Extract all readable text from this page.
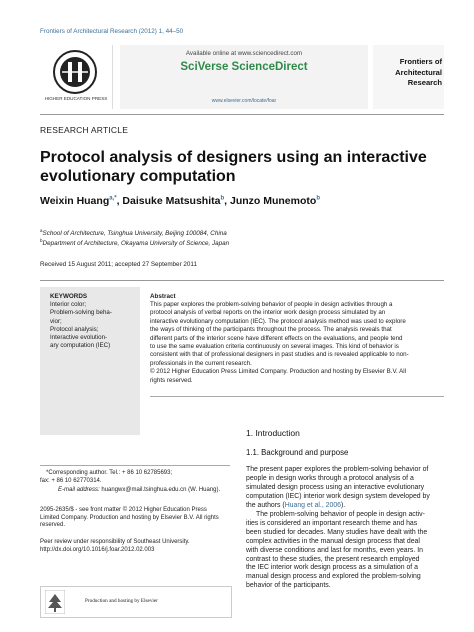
Frontiers of Architectural Research (2012) 1, 44–50
HIGHER EDUCATION PRESS
Available online at www.sciencedirect.com
SciVerse ScienceDirect
www.elsevier.com/locate/foar
Frontiers of
Architectural
Research
RESEARCH ARTICLE
Protocol analysis of designers using an interactive
evolutionary computation
Weixin Huang$^{a,*}$, Daisuke Matsushita$^b$, Junzo Munemoto$^b$
$^a$School of Architecture, Tsinghua University, Beijing 100084, China
$^b$Department of Architecture, Okayama University of Science, Japan
Received 15 August 2011; accepted 27 September 2011
KEYWORDS
Interior color;
Problem-solving beha-
vior;
Protocol analysis;
Interactive evolution-
ary computation (IEC)
Abstract
This paper explores the problem-solving behavior of people in design activities through a
protocol analysis of verbal reports on the interior work design process simulated by an
interactive evolutionary computation (IEC). The protocol analysis method was used to explore
the ways of thinking of the participants throughout the process. The analysis reveals that
different parts of the interior scene have different effects on the evaluations, and people tend
to use the same evaluation criteria continuously on several images. This kind of behavior is
consistent with that of professional designers in past studies and is revealed applicable to non-
professionals in the current research.
© 2012 Higher Education Press Limited Company. Production and hosting by Elsevier B.V. All
rights reserved.
*Corresponding author. Tel.: + 86 10 62785693;
fax: + 86 10 62770314.
E-mail address: huangwx@mail.tsinghua.edu.cn (W. Huang).
2095-2635/$ - see front matter © 2012 Higher Education Press
Limited Company. Production and hosting by Elsevier B.V. All rights
reserved.
Peer review under responsibility of Southeast University.
http://dx.doi.org/10.1016/j.foar.2012.02.003
Production and hosting by Elsevier
1. Introduction
1.1. Background and purpose
The present paper explores the problem-solving behavior of
people in design works through a protocol analysis of a
simulated design process using an interactive evolutionary
computation (IEC) interior work design system developed by
the authors (Huang et al., 2006).
The problem-solving behavior of people in design activ-
ities is considered an important research theme and has
been studied for decades. Many studies have dealt with the
complex activities in the manual design process that deal
with diverse conditions and last for months, even years. In
contrast to these studies, the present research employed
the IEC interior work design process as a simulation of a
manual design process and explored the problem-solving
behavior of the participants.
